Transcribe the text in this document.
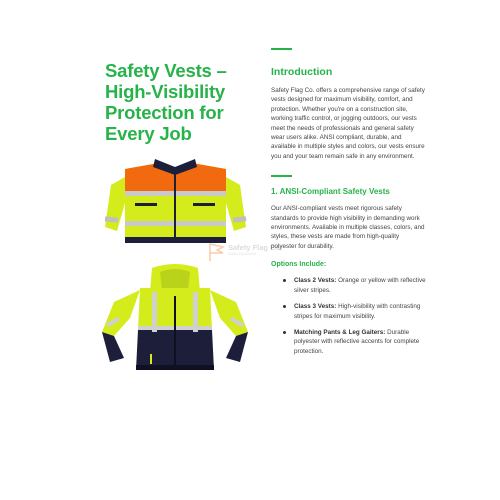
Safety Vests – High-Visibility Protection for Every Job
Safety Flag Co.
Safety Equipment
Introduction

Safety Flag Co. offers a comprehensive range of safety vests designed for maximum visibility, comfort, and protection. Whether you're on a construction site, working traffic control, or jogging outdoors, our vests meet the needs of professionals and general safety wear users alike. ANSI compliant, durable, and available in multiple styles and colors, our vests ensure you and your team remain safe in any environment.

1. ANSI-Compliant Safety Vests

Our ANSI-compliant vests meet rigorous safety standards to provide high visibility in demanding work environments. Available in multiple classes, colors, and styles, these vests are made from high-quality polyester for durability.

Options Include:
Class 2 Vests: Orange or yellow with reflective silver stripes.
Class 3 Vests: High-visibility with contrasting stripes for maximum visibility.
Matching Pants & Leg Gaiters: Durable polyester with reflective accents for complete protection.
